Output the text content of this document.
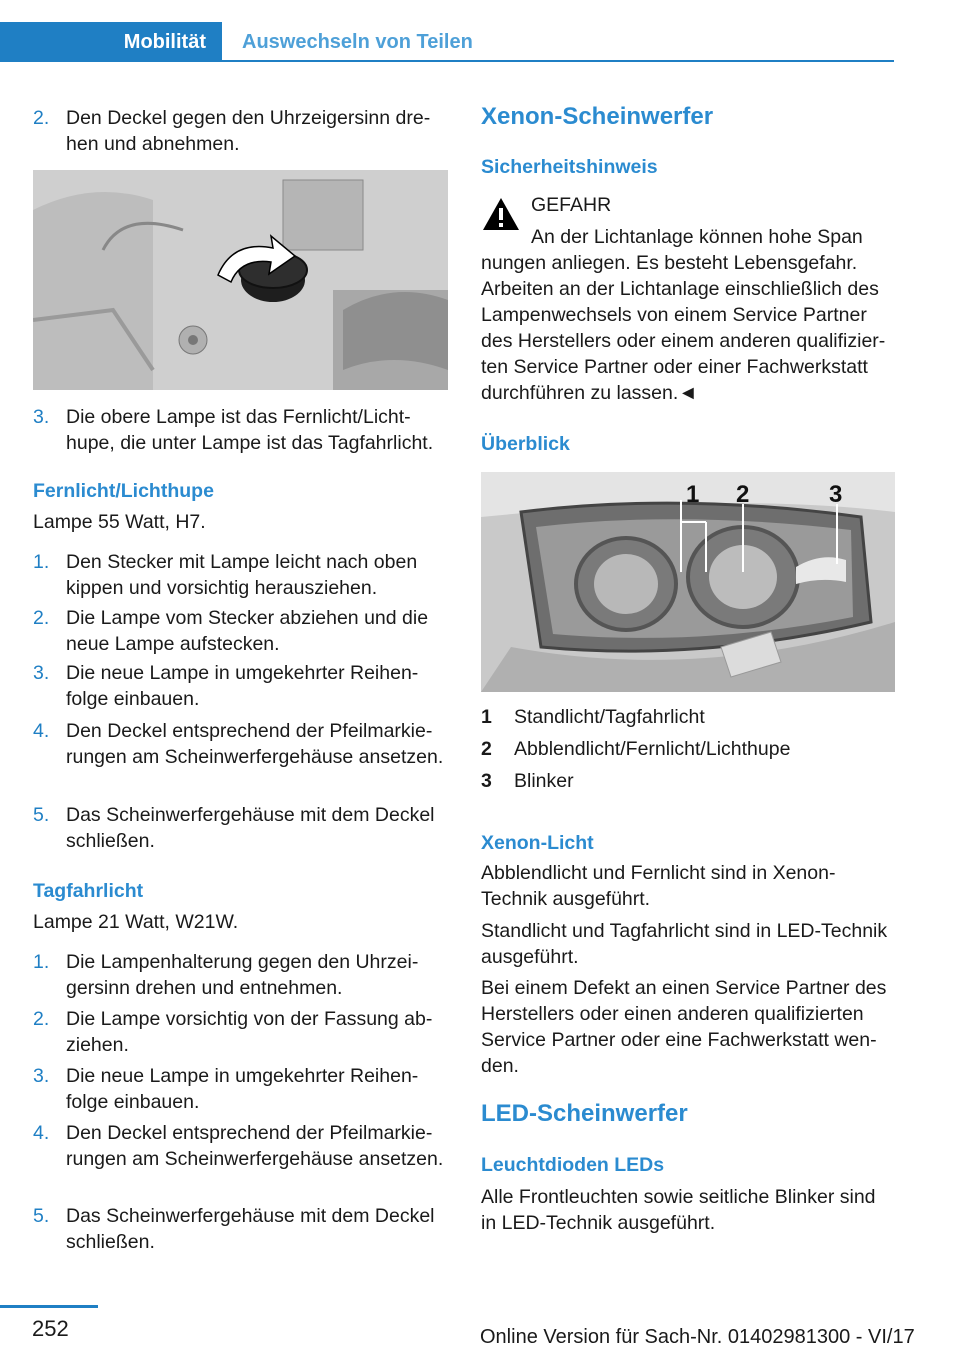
Mobilität	Auswechseln von Teilen
2. Den Deckel gegen den Uhrzeigersinn drehen und abnehmen.
3. Die obere Lampe ist das Fernlicht/Lichthupe, die unter Lampe ist das Tagfahrlicht.
Fernlicht/Lichthupe
Lampe 55 Watt, H7.
1. Den Stecker mit Lampe leicht nach oben kippen und vorsichtig herausziehen.
2. Die Lampe vom Stecker abziehen und die neue Lampe aufstecken.
3. Die neue Lampe in umgekehrter Reihenfolge einbauen.
4. Den Deckel entsprechend der Pfeilmarkierungen am Scheinwerfergehäuse ansetzen.
5. Das Scheinwerfergehäuse mit dem Deckel schließen.
Tagfahrlicht
Lampe 21 Watt, W21W.
1. Die Lampenhalterung gegen den Uhrzeigersinn drehen und entnehmen.
2. Die Lampe vorsichtig von der Fassung abziehen.
3. Die neue Lampe in umgekehrter Reihenfolge einbauen.
4. Den Deckel entsprechend der Pfeilmarkierungen am Scheinwerfergehäuse ansetzen.
5. Das Scheinwerfergehäuse mit dem Deckel schließen.
Xenon-Scheinwerfer
Sicherheitshinweis
GEFAHR
An der Lichtanlage können hohe Span
nungen anliegen. Es besteht Lebensgefahr. Arbeiten an der Lichtanlage einschließlich des Lampenwechsels von einem Service Partner des Herstellers oder einem anderen qualifizierten Service Partner oder einer Fachwerkstatt durchführen zu lassen.◄
Überblick
1 2	3
1 Standlicht/Tagfahrlicht
2 Abblendlicht/Fernlicht/Lichthupe
3 Blinker
Xenon-Licht
Abblendlicht und Fernlicht sind in Xenon-Technik ausgeführt.
Standlicht und Tagfahrlicht sind in LED-Technik ausgeführt.
Bei einem Defekt an einen Service Partner des Herstellers oder einen anderen qualifizierten Service Partner oder eine Fachwerkstatt wenden.
LED-Scheinwerfer
Leuchtdioden LEDs
Alle Frontleuchten sowie seitliche Blinker sind in LED-Technik ausgeführt.
252	Online Version für Sach-Nr. 01402981300 - VI/17
